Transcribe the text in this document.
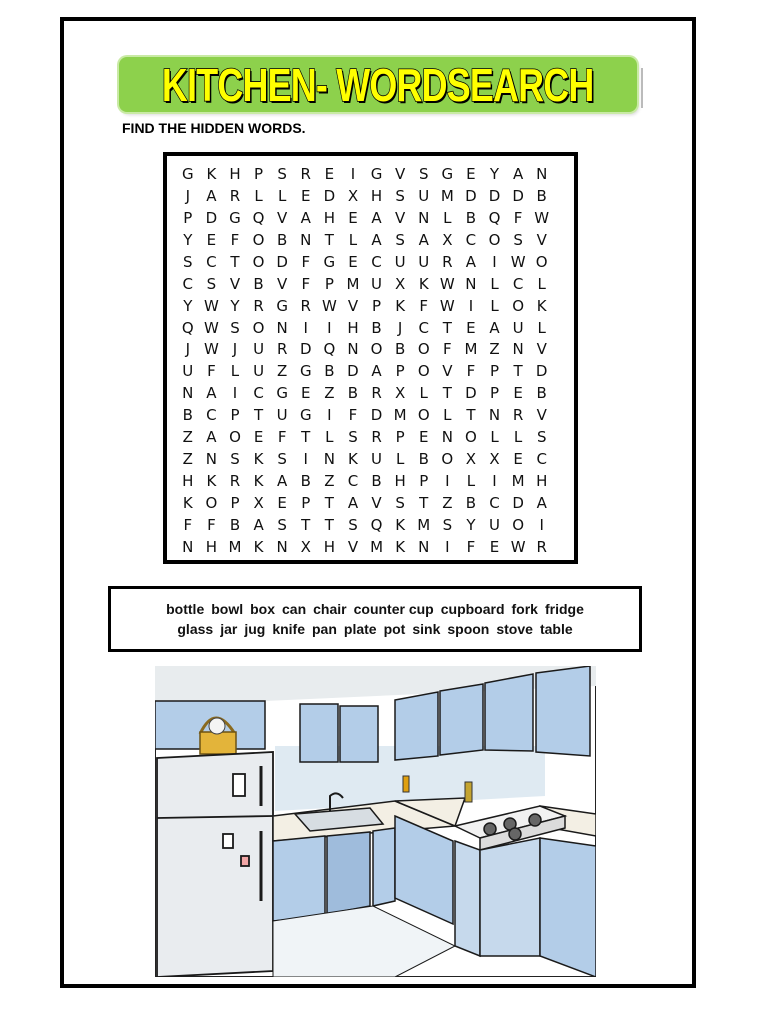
KITCHEN- WORDSEARCH
FIND THE HIDDEN WORDS.
G K H P S R E	I	G V S G E Y A N
J	A R L	L E D X H S U M D D D B
P D G Q V A H E A V N L B Q F W
Y E F O B N T L A S A X C O S V
S C T O D F G E C U U R A	I W O
C S V B V F P M U X K W N L C L
Y W Y R G R W V P K F W I	L O K
Q W S O N	I	I	H B	J	C T E A U L
J W J	U R D Q N O B O F M Z N V
U F	L U Z G B D A P O V F P T D
N A	I	C G E Z B R X L T D P E B
B C P T U G	I	F D M O L T N R V
Z A O E F T L S R P E N O L	L S
Z N S K S	I	N K U L B O X X E C
H K R K A B Z C B H P	I	L	I M H
K O P X E P T A V S T Z B C D A
F F B A S T T S Q K M S Y U O	I
N H M K N X H V M K N	I	F E W R
bottle bowl box can chair counter cup cupboard fork fridge
glass jar jug knife pan plate pot sink spoon stove table
